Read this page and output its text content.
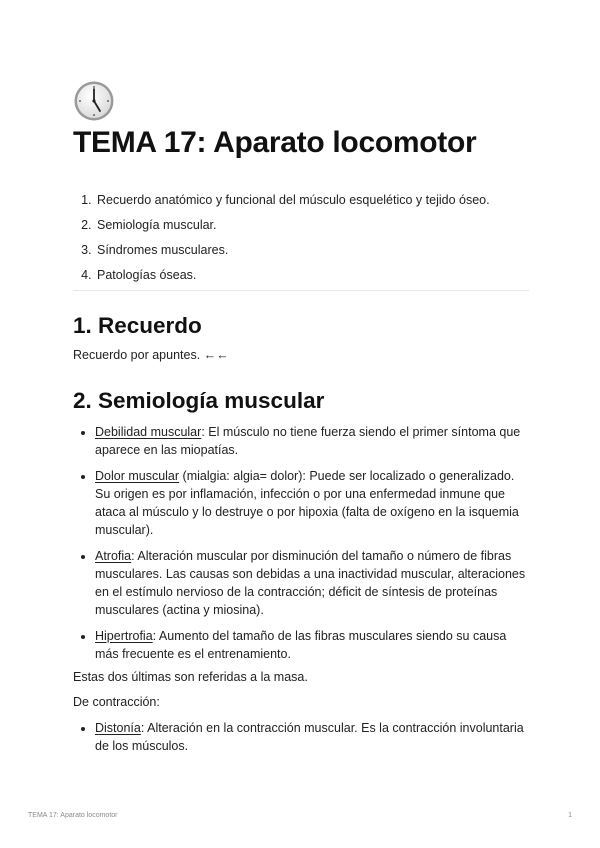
TEMA 17: Aparato locomotor
1. Recuerdo anatómico y funcional del músculo esquelético y tejido óseo.
2. Semiología muscular.
3. Síndromes musculares.
4. Patologías óseas.
1. Recuerdo

Recuerdo por apuntes. ←←

2. Semiología muscular
• Debilidad muscular: El músculo no tiene fuerza siendo el primer síntoma que aparece en las miopatías.
• Dolor muscular (mialgia: algia= dolor): Puede ser localizado o generalizado. Su origen es por inflamación, infección o por una enfermedad inmune que ataca al músculo y lo destruye o por hipoxia (falta de oxígeno en la isquemia muscular).
• Atrofia: Alteración muscular por disminución del tamaño o número de fibras musculares. Las causas son debidas a una inactividad muscular, alteraciones en el estímulo nervioso de la contracción; déficit de síntesis de proteínas musculares (actina y miosina).
• Hipertrofia: Aumento del tamaño de las fibras musculares siendo su causa más frecuente es el entrenamiento.

Estas dos últimas son referidas a la masa.

De contracción:

• Distonía: Alteración en la contracción muscular. Es la contracción involuntaria de los músculos.
TEMA 17: Aparato locomotor	1
